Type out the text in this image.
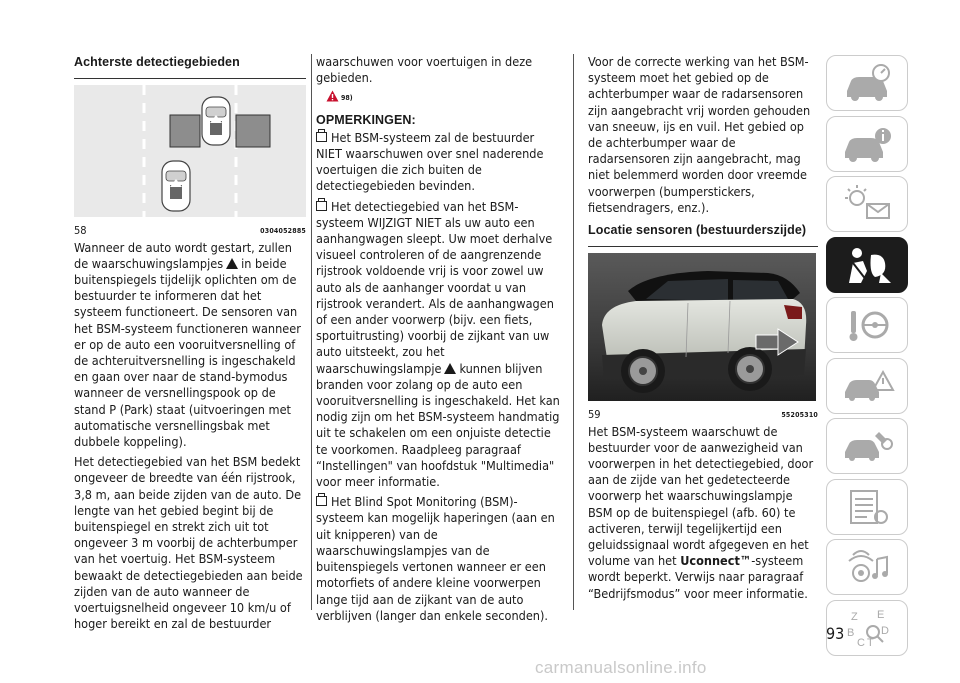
Achterste detectiegebieden
58	0304052885

Wanneer de auto wordt gestart, zullen de waarschuwingslampjes in beide buitenspiegels tijdelijk oplichten om de bestuurder te informeren dat het systeem functioneert. De sensoren van het BSM-systeem functioneren wanneer er op de auto een vooruitversnelling of de achteruitversnelling is ingeschakeld en gaan over naar de stand-bymodus wanneer de versnellingspook op de stand P (Park) staat (uitvoeringen met automatische versnellingsbak met dubbele koppeling).

Het detectiegebied van het BSM bedekt ongeveer de breedte van één rijstrook, 3,8 m, aan beide zijden van de auto. De lengte van het gebied begint bij de buitenspiegel en strekt zich uit tot ongeveer 3 m voorbij de achterbumper van het voertuig. Het BSM-systeem bewaakt de detectiegebieden aan beide zijden van de auto wanneer de voertuigsnelheid ongeveer 10 km/u of hoger bereikt en zal de bestuurder

waarschuwen voor voertuigen in deze gebieden.

$^{98)}$
OPMERKINGEN:

Het BSM-systeem zal de bestuurder NIET waarschuwen over snel naderende voertuigen die zich buiten de detectiegebieden bevinden.

Het detectiegebied van het BSM-systeem WIJZIGT NIET als uw auto een aanhangwagen sleept. Uw moet derhalve visueel controleren of de aangrenzende rijstrook voldoende vrij is voor zowel uw auto als de aanhanger voordat u van rijstrook verandert. Als de aanhangwagen of een ander voorwerp (bijv. een fiets, sportuitrusting) voorbij de zijkant van uw auto uitsteekt, zou het waarschuwingslampje kunnen blijven branden voor zolang op de auto een vooruitversnelling is ingeschakeld. Het kan nodig zijn om het BSM-systeem handmatig uit te schakelen om een onjuiste detectie te voorkomen. Raadpleeg paragraaf “Instellingen" van hoofdstuk "Multimedia" voor meer informatie.

Het Blind Spot Monitoring (BSM)-systeem kan mogelijk haperingen (aan en uit knipperen) van de waarschuwingslampjes van de buitenspiegels vertonen wanneer er een motorfiets of andere kleine voorwerpen lange tijd aan de zijkant van de auto verblijven (langer dan enkele seconden).

Voor de correcte werking van het BSM-systeem moet het gebied op de achterbumper waar de radarsensoren zijn aangebracht vrij worden gehouden van sneeuw, ijs en vuil. Het gebied op de achterbumper waar de radarsensoren zijn aangebracht, mag niet belemmerd worden door vreemde voorwerpen (bumperstickers, fietsendragers, enz.).

Locatie sensoren (bestuurderszijde)
59	55205310

Het BSM-systeem waarschuwt de bestuurder voor de aanwezigheid van voorwerpen in het detectiegebied, door aan de zijde van het gedetecteerde voorwerp het waarschuwingslampje BSM op de buitenspiegel (afb. 60) te activeren, terwijl tegelijkertijd een geluidssignaal wordt afgegeven en het volume van het Uconnect™-systeem wordt beperkt. Verwijs naar paragraaf “Bedrijfsmodus” voor meer informatie.

Z E
B D
C T
93
carmanualsonline.info
